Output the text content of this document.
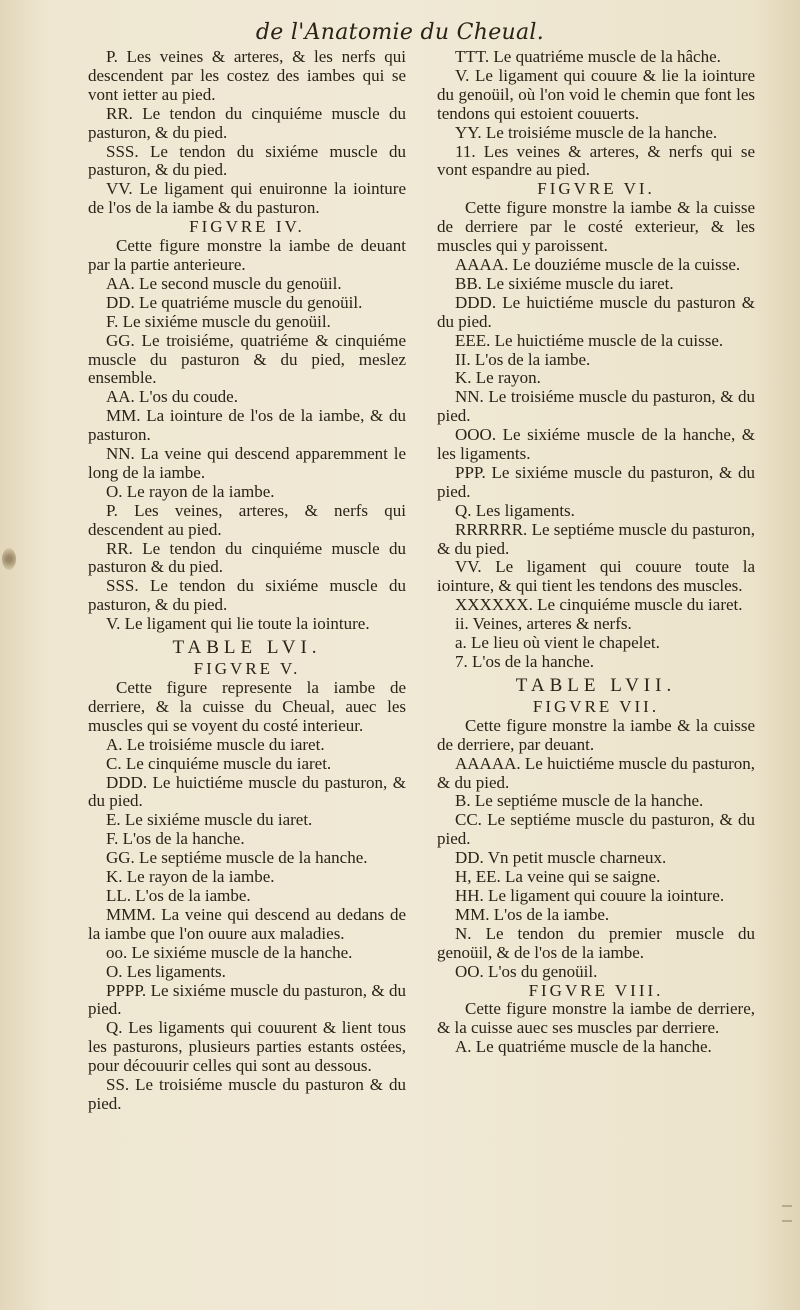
de l'Anatomie du Cheual.

P. Les veines & arteres, & les nerfs qui descendent par les costez des iambes qui se vont ietter au pied.

RR. Le tendon du cinquiéme muscle du pasturon, & du pied.

SSS. Le tendon du sixiéme muscle du pasturon, & du pied.

VV. Le ligament qui enuironne la iointure de l'os de la iambe & du pasturon.

FIGVRE IV.

Cette figure monstre la iambe de deuant par la partie anterieure.

AA. Le second muscle du genoüil.

DD. Le quatriéme muscle du genoüil.

F. Le sixiéme muscle du genoüil.

GG. Le troisiéme, quatriéme & cinquiéme muscle du pasturon & du pied, meslez ensemble.

AA. L'os du coude.

MM. La iointure de l'os de la iambe, & du pasturon.

NN. La veine qui descend apparemment le long de la iambe.

O. Le rayon de la iambe.

P. Les veines, arteres, & nerfs qui descendent au pied.

RR. Le tendon du cinquiéme muscle du pasturon & du pied.

SSS. Le tendon du sixiéme muscle du pasturon, & du pied.

V. Le ligament qui lie toute la iointure.

TABLE LVI.

FIGVRE V.

Cette figure represente la iambe de derriere, & la cuisse du Cheual, auec les muscles qui se voyent du costé interieur.

A. Le troisiéme muscle du iaret.

C. Le cinquiéme muscle du iaret.

DDD. Le huictiéme muscle du pasturon, & du pied.

E. Le sixiéme muscle du iaret.

F. L'os de la hanche.

GG. Le septiéme muscle de la hanche.

K. Le rayon de la iambe.

LL. L'os de la iambe.

MMM. La veine qui descend au dedans de la iambe que l'on ouure aux maladies.

oo. Le sixiéme muscle de la hanche.

O. Les ligaments.

PPPP. Le sixiéme muscle du pasturon, & du pied.

Q. Les ligaments qui couurent & lient tous les pasturons, plusieurs parties estants ostées, pour découurir celles qui sont au dessous.

SS. Le troisiéme muscle du pasturon & du pied.

TTT. Le quatriéme muscle de la hâche.

V. Le ligament qui couure & lie la iointure du genoüil, où l'on void le chemin que font les tendons qui estoient couuerts.

YY. Le troisiéme muscle de la hanche.

11. Les veines & arteres, & nerfs qui se vont espandre au pied.

FIGVRE VI.

Cette figure monstre la iambe & la cuisse de derriere par le costé exterieur, & les muscles qui y paroissent.

AAAA. Le douziéme muscle de la cuisse.

BB. Le sixiéme muscle du iaret.

DDD. Le huictiéme muscle du pasturon & du pied.

EEE. Le huictiéme muscle de la cuisse.

II. L'os de la iambe.

K. Le rayon.

NN. Le troisiéme muscle du pasturon, & du pied.

OOO. Le sixiéme muscle de la hanche, & les ligaments.

PPP. Le sixiéme muscle du pasturon, & du pied.

Q. Les ligaments.

RRRRRR. Le septiéme muscle du pasturon, & du pied.

VV. Le ligament qui couure toute la iointure, & qui tient les tendons des muscles.

XXXXXX. Le cinquiéme muscle du iaret.

ii. Veines, arteres & nerfs.

a. Le lieu où vient le chapelet.

7. L'os de la hanche.

TABLE LVII.

FIGVRE VII.

Cette figure monstre la iambe & la cuisse de derriere, par deuant.

AAAAA. Le huictiéme muscle du pasturon, & du pied.

B. Le septiéme muscle de la hanche.

CC. Le septiéme muscle du pasturon, & du pied.

DD. Vn petit muscle charneux.

H, EE. La veine qui se saigne.

HH. Le ligament qui couure la iointure.

MM. L'os de la iambe.

N. Le tendon du premier muscle du genoüil, & de l'os de la iambe.

OO. L'os du genoüil.

FIGVRE VIII.

Cette figure monstre la iambe de derriere, & la cuisse auec ses muscles par derriere.

A. Le quatriéme muscle de la hanche.
